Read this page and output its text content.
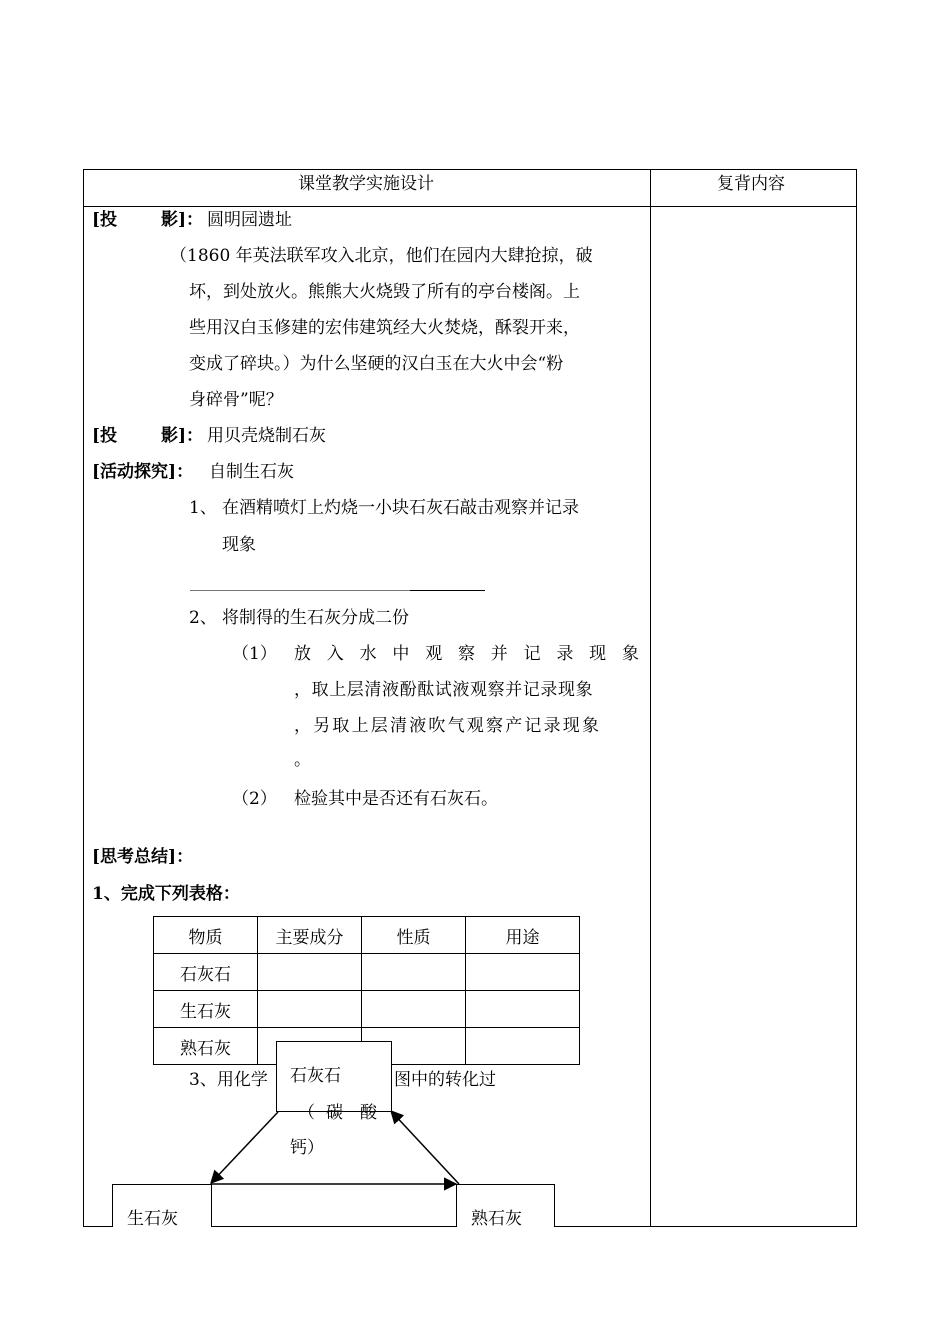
课堂教学实施设计	复背内容
[投	影]： 圆明园遗址
（1860 年英法联军攻入北京，他们在园内大肆抢掠，破
坏，到处放火。熊熊大火烧毁了所有的亭台楼阁。上
些用汉白玉修建的宏伟建筑经大火焚烧，酥裂开来，
变成了碎块。）为什么坚硬的汉白玉在大火中会“粉
身碎骨”呢？
[投	影]： 用贝壳烧制石灰
[活动探究]： 自制生石灰
1、 在酒精喷灯上灼烧一小块石灰石敲击观察并记录
现象
2、 将制得的生石灰分成二份
（1） 放 入 水 中 观 察 并 记 录 现 象
，取上层清液酚酞试液观察并记录现象
，另取上层清液吹气观察产记录现象
。
（2） 检验其中是否还有石灰石。
[思考总结]：
1、完成下列表格：
物质	主要成分	性质	用途
石灰石			
生石灰			
熟石灰			
3、用化学	图中的转化过
石灰石
（ 碳 酸
钙）
生石灰	熟石灰
